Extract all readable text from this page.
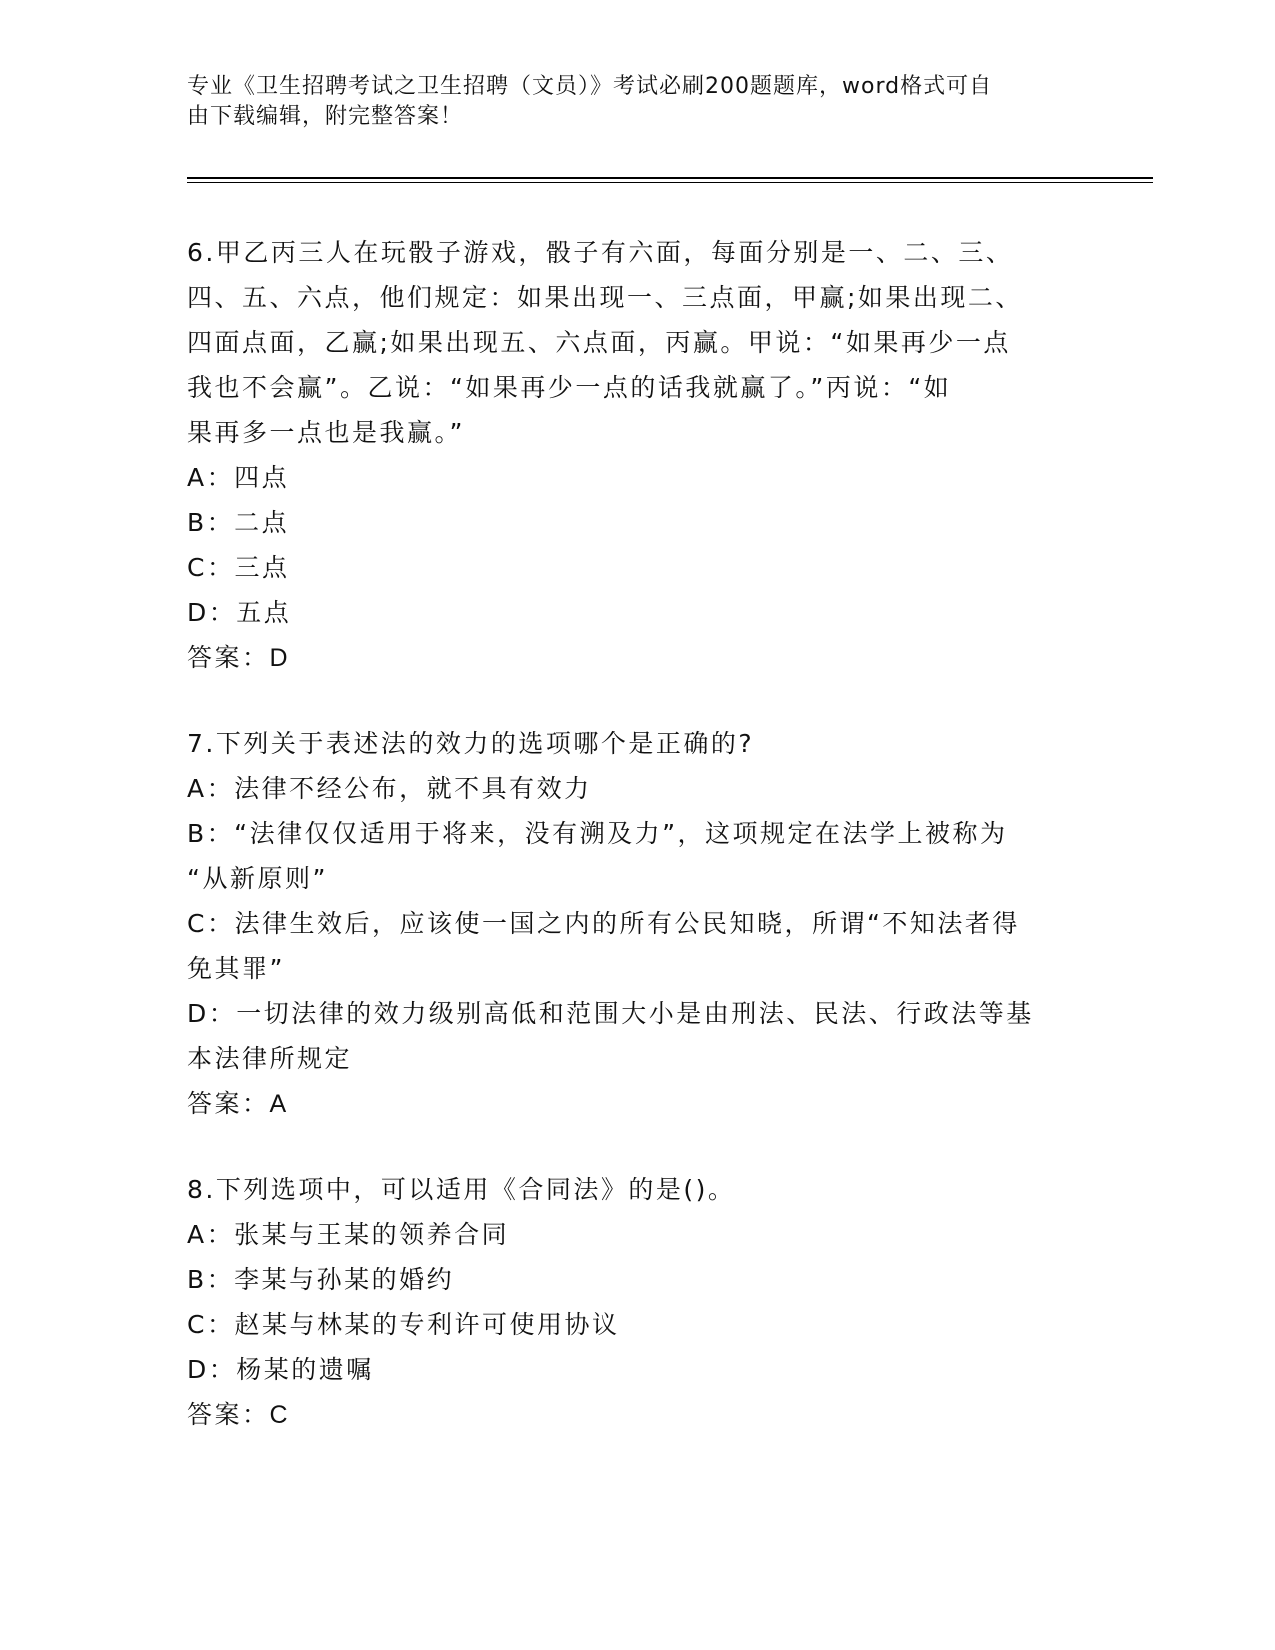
专业《卫生招聘考试之卫生招聘（文员）》考试必刷200题题库，word格式可自
由下载编辑，附完整答案！

6.甲乙丙三人在玩骰子游戏，骰子有六面，每面分别是一、二、三、

四、五、六点，他们规定：如果出现一、三点面，甲赢;如果出现二、

四面点面，乙赢;如果出现五、六点面，丙赢。甲说：“如果再少一点

我也不会赢”。乙说：“如果再少一点的话我就赢了。”丙说：“如

果再多一点也是我赢。”

A：四点

B：二点

C：三点

D：五点

答案：D

7.下列关于表述法的效力的选项哪个是正确的?

A：法律不经公布，就不具有效力

B：“法律仅仅适用于将来，没有溯及力”，这项规定在法学上被称为

“从新原则”

C：法律生效后，应该使一国之内的所有公民知晓，所谓“不知法者得

免其罪”

D：一切法律的效力级别高低和范围大小是由刑法、民法、行政法等基

本法律所规定

答案：A

8.下列选项中，可以适用《合同法》的是()。

A：张某与王某的领养合同

B：李某与孙某的婚约

C：赵某与林某的专利许可使用协议

D：杨某的遗嘱

答案：C
